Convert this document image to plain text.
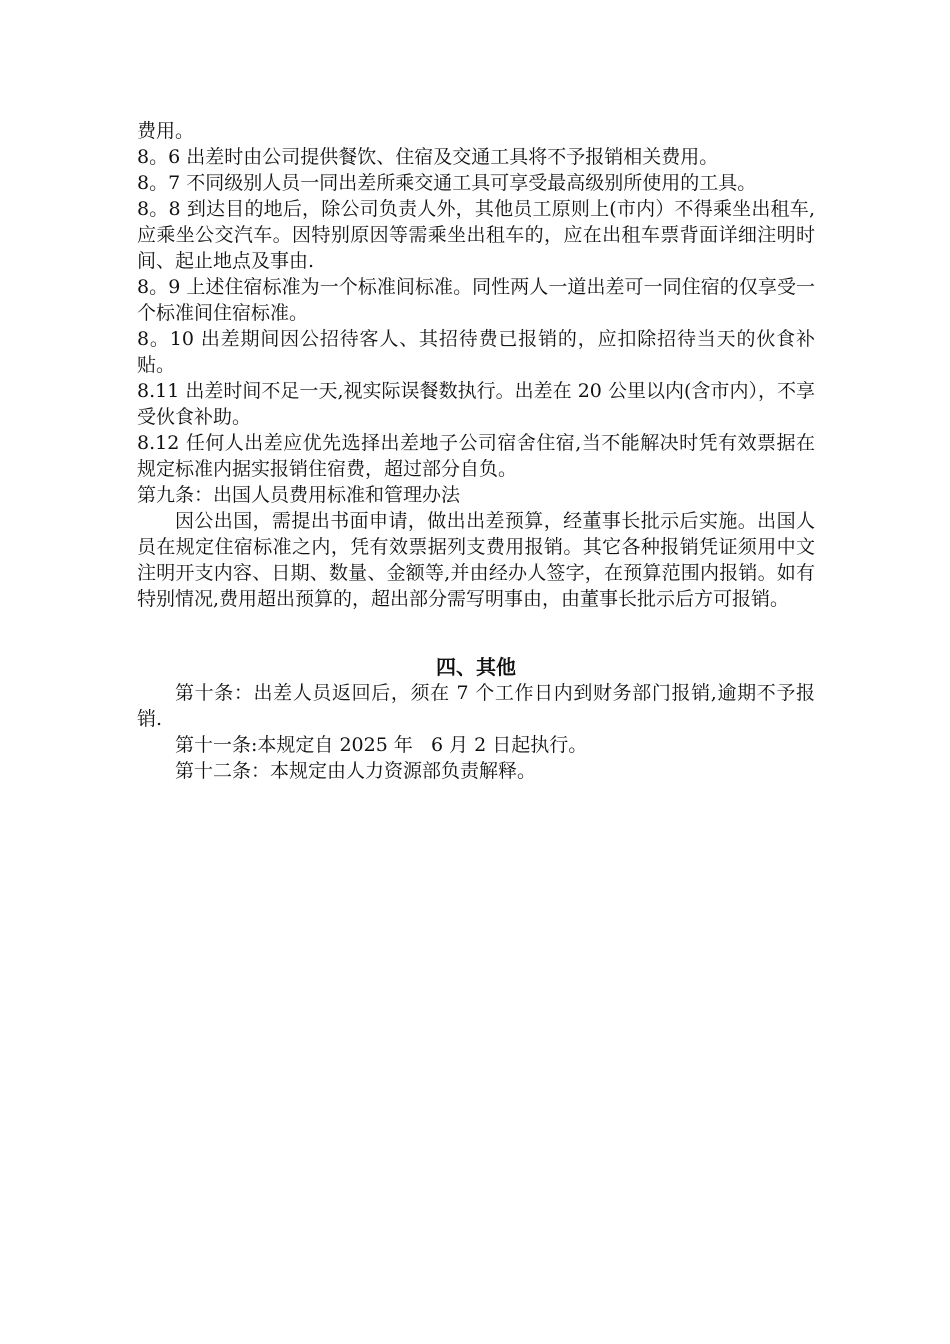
费用。

8。6 出差时由公司提供餐饮、住宿及交通工具将不予报销相关费用。

8。7 不同级别人员一同出差所乘交通工具可享受最高级别所使用的工具。

8。8 到达目的地后，除公司负责人外，其他员工原则上(市内）不得乘坐出租车,应乘坐公交汽车。因特别原因等需乘坐出租车的，应在出租车票背面详细注明时间、起止地点及事由.

8。9 上述住宿标准为一个标准间标准。同性两人一道出差可一同住宿的仅享受一个标准间住宿标准。

8。10 出差期间因公招待客人、其招待费已报销的，应扣除招待当天的伙食补贴。

8.11 出差时间不足一天,视实际误餐数执行。出差在 20 公里以内(含市内），不享受伙食补助。

8.12 任何人出差应优先选择出差地子公司宿舍住宿,当不能解决时凭有效票据在规定标准内据实报销住宿费，超过部分自负。

第九条：出国人员费用标准和管理办法

因公出国，需提出书面申请，做出出差预算，经董事长批示后实施。出国人员在规定住宿标准之内，凭有效票据列支费用报销。其它各种报销凭证须用中文注明开支内容、日期、数量、金额等,并由经办人签字，在预算范围内报销。如有特别情况,费用超出预算的，超出部分需写明事由，由董事长批示后方可报销。

四、其他

第十条：出差人员返回后，须在 7 个工作日内到财务部门报销,逾期不予报销.

第十一条:本规定自 2025 年   6 月 2 日起执行。

第十二条：本规定由人力资源部负责解释。
